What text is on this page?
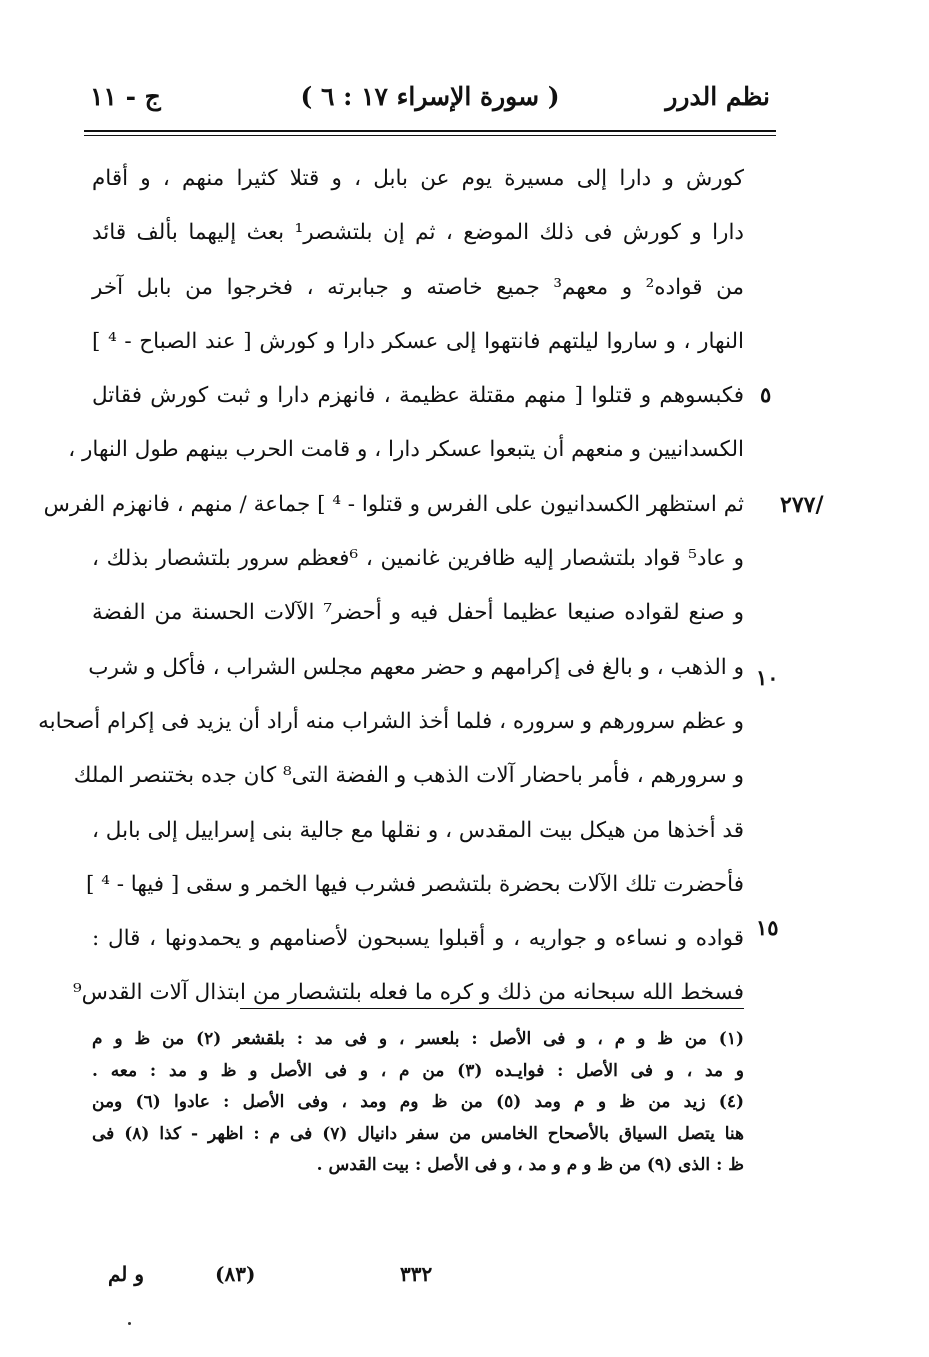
نظم الدرر
( سورة الإسراء ١٧ : ٦ )
ج - ١١
كورش و دارا إلى مسيرة يوم عن بابل ، و قتلا كثيرا منهم ، و أقام
دارا و كورش فى ذلك الموضع ، ثم إن بلتشصر¹ بعث إليهما بألف قائد
من قواده² و معهم³ جميع خاصته و جبابرته ، فخرجوا من بابل آخر
النهار ، و ساروا ليلتهم فانتهوا إلى عسكر دارا و كورش [ عند الصباح - ⁴ ]
فكبسوهم و قتلوا [ منهم مقتلة عظيمة ، فانهزم دارا و ثبت كورش فقاتل
الكسدانيين و منعهم أن يتبعوا عسكر دارا ، و قامت الحرب بينهم طول النهار ،
ثم استظهر الكسدانيون على الفرس و قتلوا - ⁴ ] جماعة / منهم ، فانهزم الفرس
و عاد⁵ قواد بلتشصار إليه ظافرين غانمين ، ⁶فعظم سرور بلتشصار بذلك ،
و صنع لقواده صنيعا عظيما أحفل فيه و أحضر⁷ الآلات الحسنة من الفضة
و الذهب ، و بالغ فى إكرامهم و حضر معهم مجلس الشراب ، فأكل و شرب
و عظم سرورهم و سروره ، فلما أخذ الشراب منه أراد أن يزيد فى إكرام أصحابه
و سرورهم ، فأمر باحضار آلات الذهب و الفضة التى⁸ كان جده بختنصر الملك
قد أخذها من هيكل بيت المقدس ، و نقلها مع جالية بنى إسراييل إلى بابل ،
فأحضرت تلك الآلات بحضرة بلتشصر فشرب فيها الخمر و سقى [ فيها - ⁴ ]
قواده و نساءه و جواريه ، و أقبلوا يسبحون لأصنامهم و يحمدونها ، قال :
فسخط الله سبحانه من ذلك و كره ما فعله بلتشصار من ابتذال آلات القدس⁹
٥
١٠
١٥
٢٧٧/
(١) من ظ و م ، و فى الأصل : بلعسر ، و فى مد : بلقشعر (٢) من ظ و م
و مد ، و فى الأصل : فوايـده (٣) من م ، و فى الأصل و ظ و مد : معه .
(٤) زيد من ظ و م ومد (٥) من ظ وم ومد ، وفى الأصل : عادوا (٦) ومن
هنا يتصل السياق بالأصحاح الخامس من سفر دانيال (٧) فى م : اظهر - كذا (٨) فى
ظ : الذى (٩) من ظ و م و مد ، و فى الأصل : بيت القدس .
و لم	(٨٣)	٣٣٢
